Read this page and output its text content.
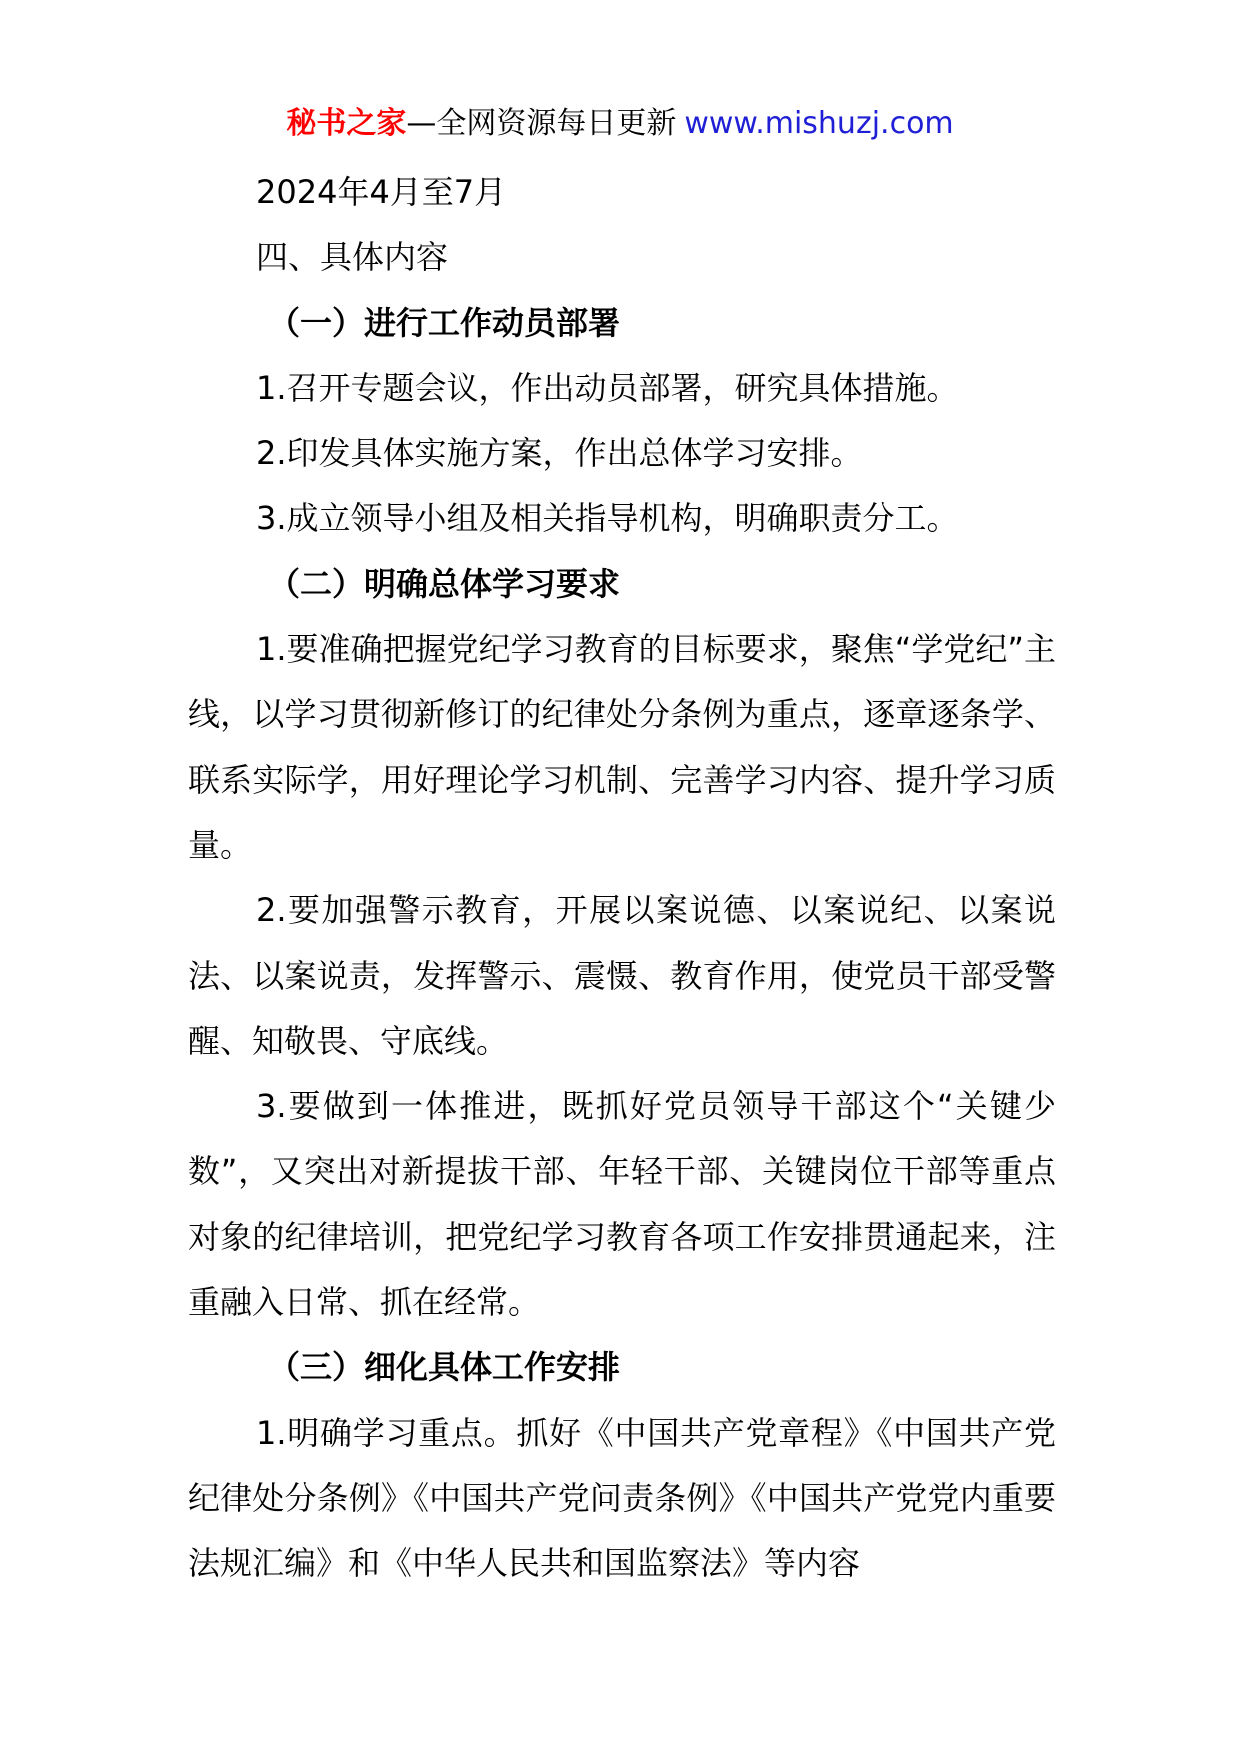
秘书之家—全网资源每日更新 www.mishuzj.com

2024年4月至7月

四、具体内容

（一）进行工作动员部署

1.召开专题会议，作出动员部署，研究具体措施。

2.印发具体实施方案，作出总体学习安排。

3.成立领导小组及相关指导机构，明确职责分工。

（二）明确总体学习要求

1.要准确把握党纪学习教育的目标要求，聚焦“学党纪”主线，以学习贯彻新修订的纪律处分条例为重点，逐章逐条学、联系实际学，用好理论学习机制、完善学习内容、提升学习质量。

2.要加强警示教育，开展以案说德、以案说纪、以案说法、以案说责，发挥警示、震慑、教育作用，使党员干部受警醒、知敬畏、守底线。

3.要做到一体推进，既抓好党员领导干部这个“关键少数”，又突出对新提拔干部、年轻干部、关键岗位干部等重点对象的纪律培训，把党纪学习教育各项工作安排贯通起来，注重融入日常、抓在经常。

（三）细化具体工作安排

1.明确学习重点。抓好《中国共产党章程》《中国共产党纪律处分条例》《中国共产党问责条例》《中国共产党党内重要法规汇编》和《中华人民共和国监察法》等内容
